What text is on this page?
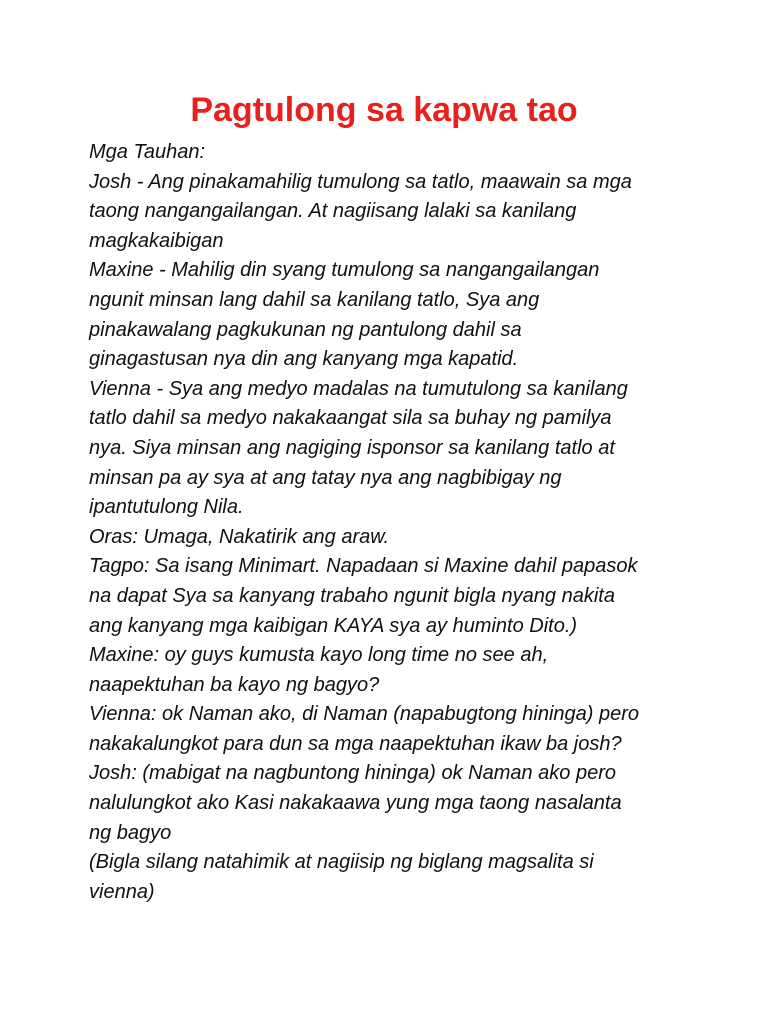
Pagtulong sa kapwa tao
Mga Tauhan:
Josh - Ang pinakamahilig tumulong sa tatlo, maawain sa mga
taong nangangailangan. At nagiisang lalaki sa kanilang
magkakaibigan
Maxine - Mahilig din syang tumulong sa nangangailangan
ngunit minsan lang dahil sa kanilang tatlo, Sya ang
pinakawalang pagkukunan ng pantulong dahil sa
ginagastusan nya din ang kanyang mga kapatid.
Vienna - Sya ang medyo madalas na tumutulong sa kanilang
tatlo dahil sa medyo nakakaangat sila sa buhay ng pamilya
nya. Siya minsan ang nagiging isponsor sa kanilang tatlo at
minsan pa ay sya at ang tatay nya ang nagbibigay ng
ipantutulong Nila.
Oras: Umaga, Nakatirik ang araw.
Tagpo: Sa isang Minimart. Napadaan si Maxine dahil papasok
na dapat Sya sa kanyang trabaho ngunit bigla nyang nakita
ang kanyang mga kaibigan KAYA sya ay huminto Dito.)
Maxine: oy guys kumusta kayo long time no see ah,
naapektuhan ba kayo ng bagyo?
Vienna: ok Naman ako, di Naman (napabugtong hininga) pero
nakakalungkot para dun sa mga naapektuhan ikaw ba josh?
Josh: (mabigat na nagbuntong hininga) ok Naman ako pero
nalulungkot ako Kasi nakakaawa yung mga taong nasalanta
ng bagyo
(Bigla silang natahimik at nagiisip ng biglang magsalita si
vienna)
